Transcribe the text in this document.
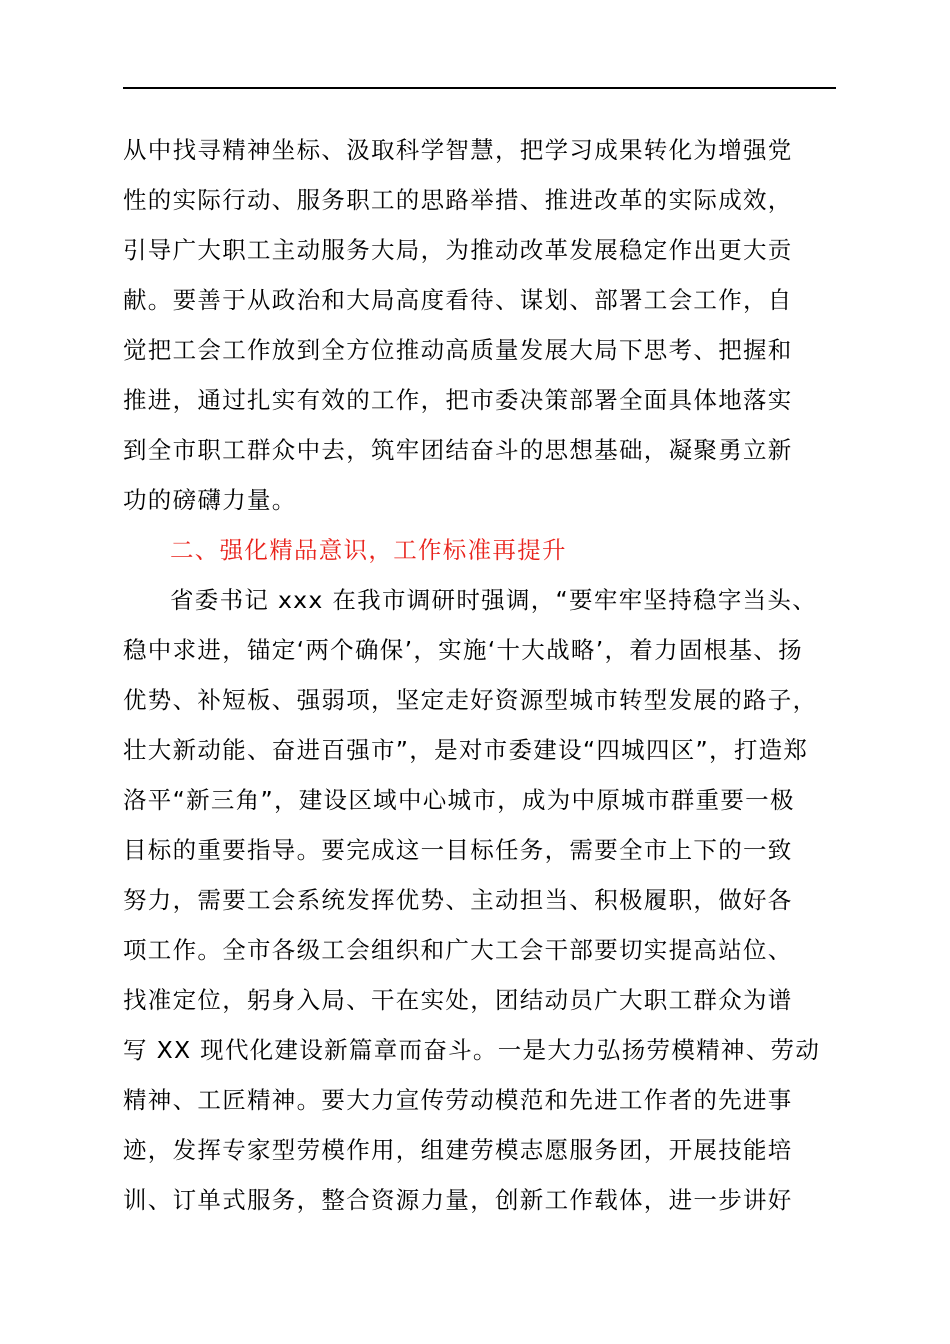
从中找寻精神坐标、汲取科学智慧，把学习成果转化为增强党
性的实际行动、服务职工的思路举措、推进改革的实际成效，
引导广大职工主动服务大局，为推动改革发展稳定作出更大贡
献。要善于从政治和大局高度看待、谋划、部署工会工作，自
觉把工会工作放到全方位推动高质量发展大局下思考、把握和
推进，通过扎实有效的工作，把市委决策部署全面具体地落实
到全市职工群众中去，筑牢团结奋斗的思想基础，凝聚勇立新
功的磅礴力量。
二、强化精品意识，工作标准再提升
省委书记 xxx 在我市调研时强调，“要牢牢坚持稳字当头、
稳中求进，锚定‘两个确保’，实施‘十大战略’，着力固根基、扬
优势、补短板、强弱项，坚定走好资源型城市转型发展的路子，
壮大新动能、奋进百强市”，是对市委建设“四城四区”，打造郑
洛平“新三角”，建设区域中心城市，成为中原城市群重要一极
目标的重要指导。要完成这一目标任务，需要全市上下的一致
努力，需要工会系统发挥优势、主动担当、积极履职，做好各
项工作。全市各级工会组织和广大工会干部要切实提高站位、
找准定位，躬身入局、干在实处，团结动员广大职工群众为谱
写 XX 现代化建设新篇章而奋斗。一是大力弘扬劳模精神、劳动
精神、工匠精神。要大力宣传劳动模范和先进工作者的先进事
迹，发挥专家型劳模作用，组建劳模志愿服务团，开展技能培
训、订单式服务，整合资源力量，创新工作载体，进一步讲好
